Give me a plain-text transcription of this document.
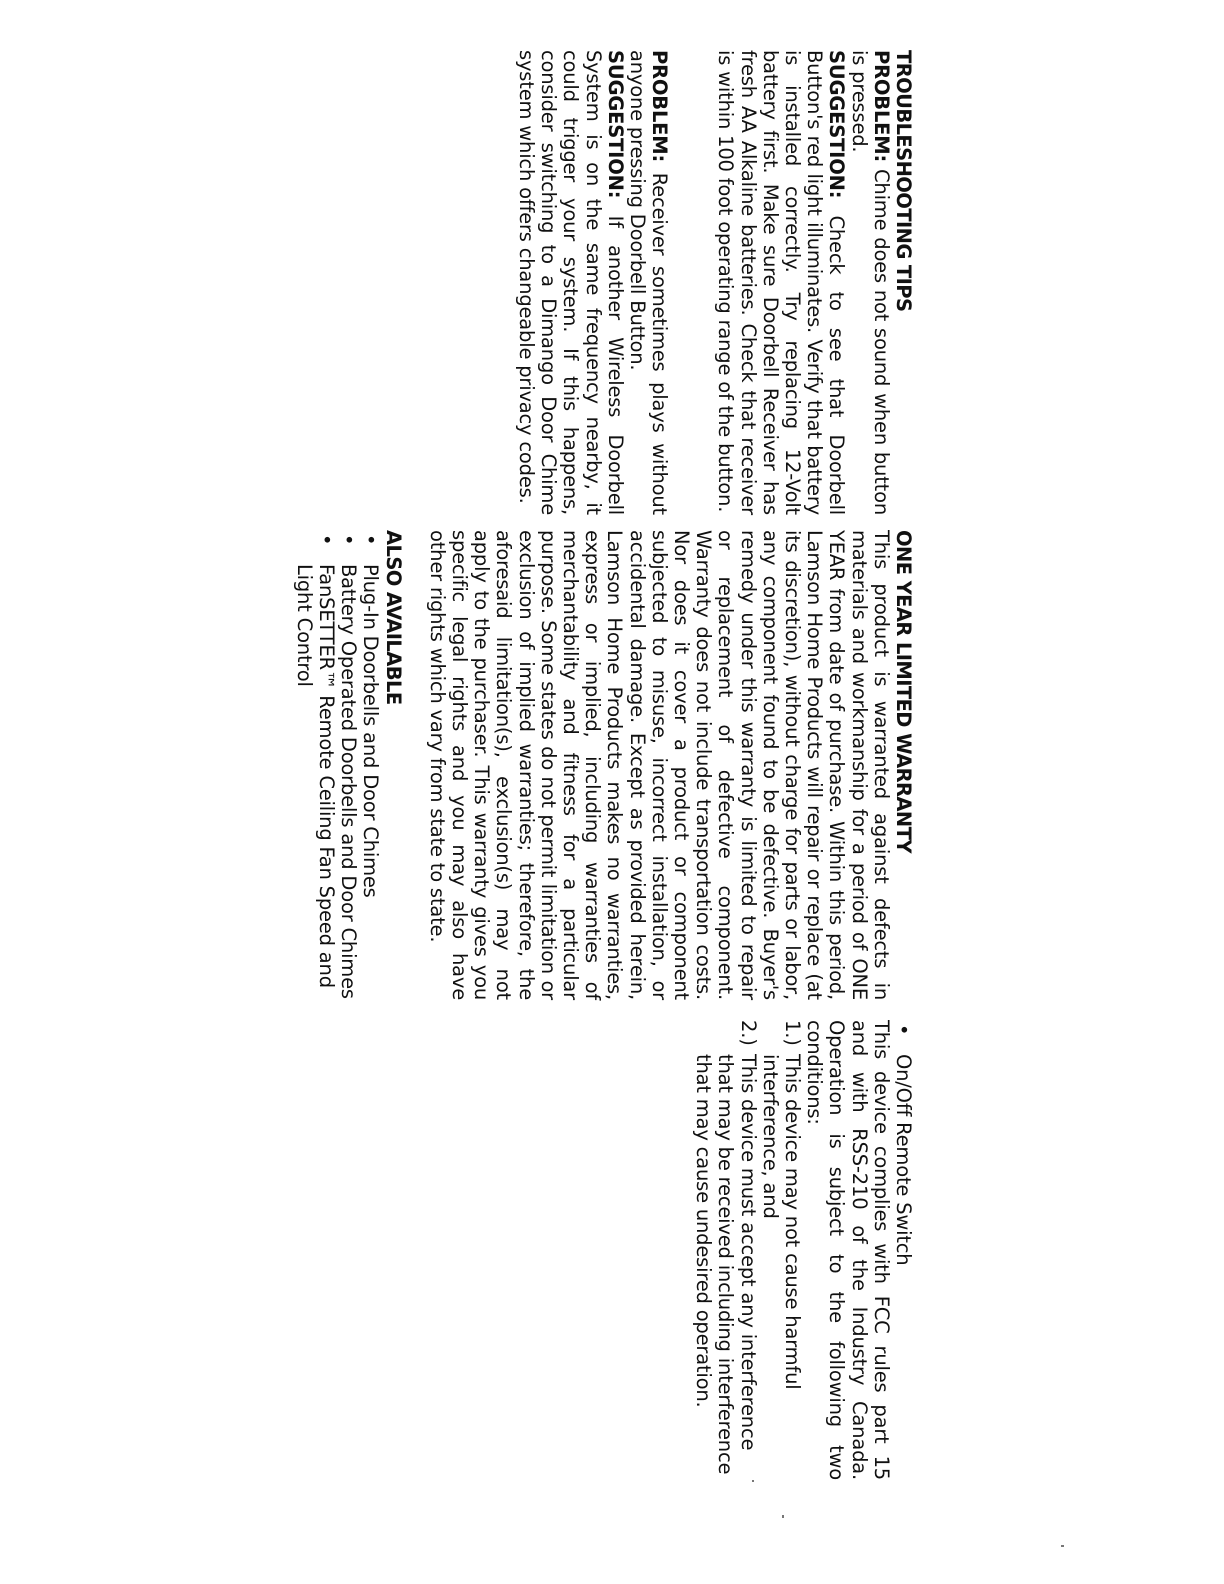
TROUBLESHOOTING TIPS

PROBLEM: Chime does not sound when button is pressed.

SUGGESTION: Check to see that Doorbell Button's red light illuminates. Verify that battery is installed correctly. Try replacing 12-Volt battery first. Make sure Doorbell Receiver has fresh AA Alkaline batteries. Check that receiver is within 100 foot operating range of the button.

PROBLEM: Receiver sometimes plays without anyone pressing Doorbell Button.

SUGGESTION: If another Wireless Doorbell System is on the same frequency nearby, it could trigger your system. If this happens, consider switching to a Dimango Door Chime system which offers changeable privacy codes.

ONE YEAR LIMITED WARRANTY

This product is warranted against defects in materials and workmanship for a period of ONE YEAR from date of purchase. Within this period, Lamson Home Products will repair or replace (at its discretion), without charge for parts or labor, any component found to be defective. Buyer's remedy under this warranty is limited to repair or replacement of defective component. Warranty does not include transportation costs. Nor does it cover a product or component subjected to misuse, incorrect installation, or accidental damage. Except as provided herein, Lamson Home Products makes no warranties, express or implied, including warranties of merchantability and fitness for a particular purpose. Some states do not permit limitation or exclusion of implied warranties; therefore, the aforesaid limitation(s), exclusion(s) may not apply to the purchaser. This warranty gives you specific legal rights and you may also have other rights which vary from state to state.

ALSO AVAILABLE

•
Plug-In Doorbells and Door Chimes
•
Battery Operated Doorbells and Door Chimes
•
FanSETTER™ Remote Ceiling Fan Speed and Light Control
•
On/Off Remote Switch

This device complies with FCC rules part 15 and with RSS-210 of the Industry Canada. Operation is subject to the following two conditions:

1.)
This device may not cause harmful interference, and
2.)
This device must accept any interference that may be received including interference that may cause undesired operation.
